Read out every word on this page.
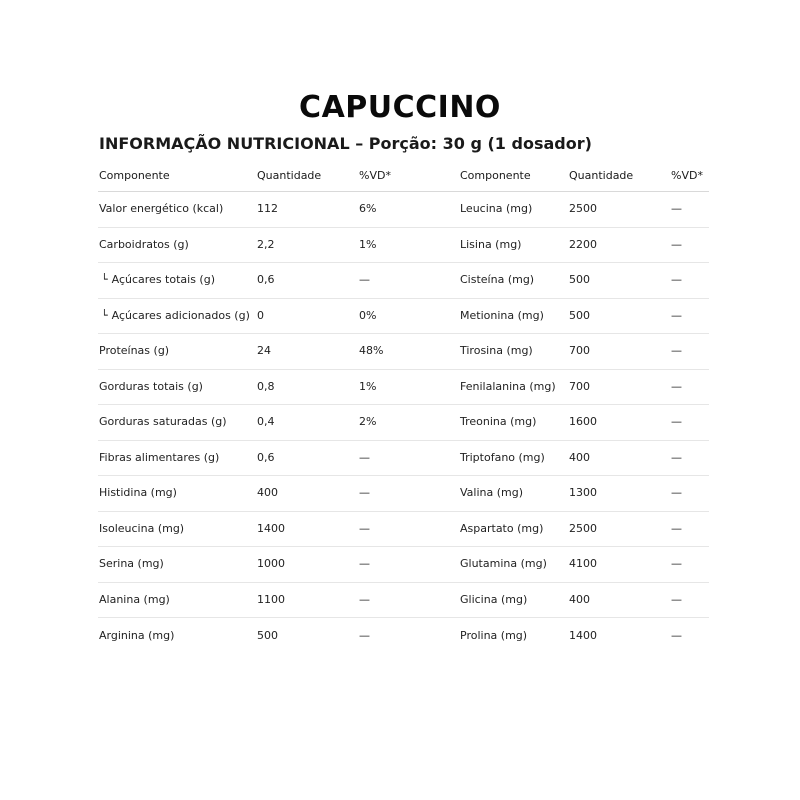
CAPUCCINO
INFORMAÇÃO NUTRICIONAL – Porção: 30 g (1 dosador)
Componente	Quantidade	%VD*	Componente	Quantidade	%VD*
Valor energético (kcal)	112	6%	Leucina (mg)	2500	—
Carboidratos (g)	2,2	1%	Lisina (mg)	2200	—
└ Açúcares totais (g)	0,6	—	Cisteína (mg)	500	—
└ Açúcares adicionados (g) 0	0%	Metionina (mg)	500	—
Proteínas (g)	24	48%	Tirosina (mg)	700	—
Gorduras totais (g)	0,8	1%	Fenilalanina (mg)	700	—
Gorduras saturadas (g)	0,4	2%	Treonina (mg)	1600	—
Fibras alimentares (g)	0,6	—	Triptofano (mg)	400	—
Histidina (mg)	400	—	Valina (mg)	1300	—
Isoleucina (mg)	1400	—	Aspartato (mg)	2500	—
Serina (mg)	1000	—	Glutamina (mg)	4100	—
Alanina (mg)	1100	—	Glicina (mg)	400	—
Arginina (mg)	500	—	Prolina (mg)	1400	—
